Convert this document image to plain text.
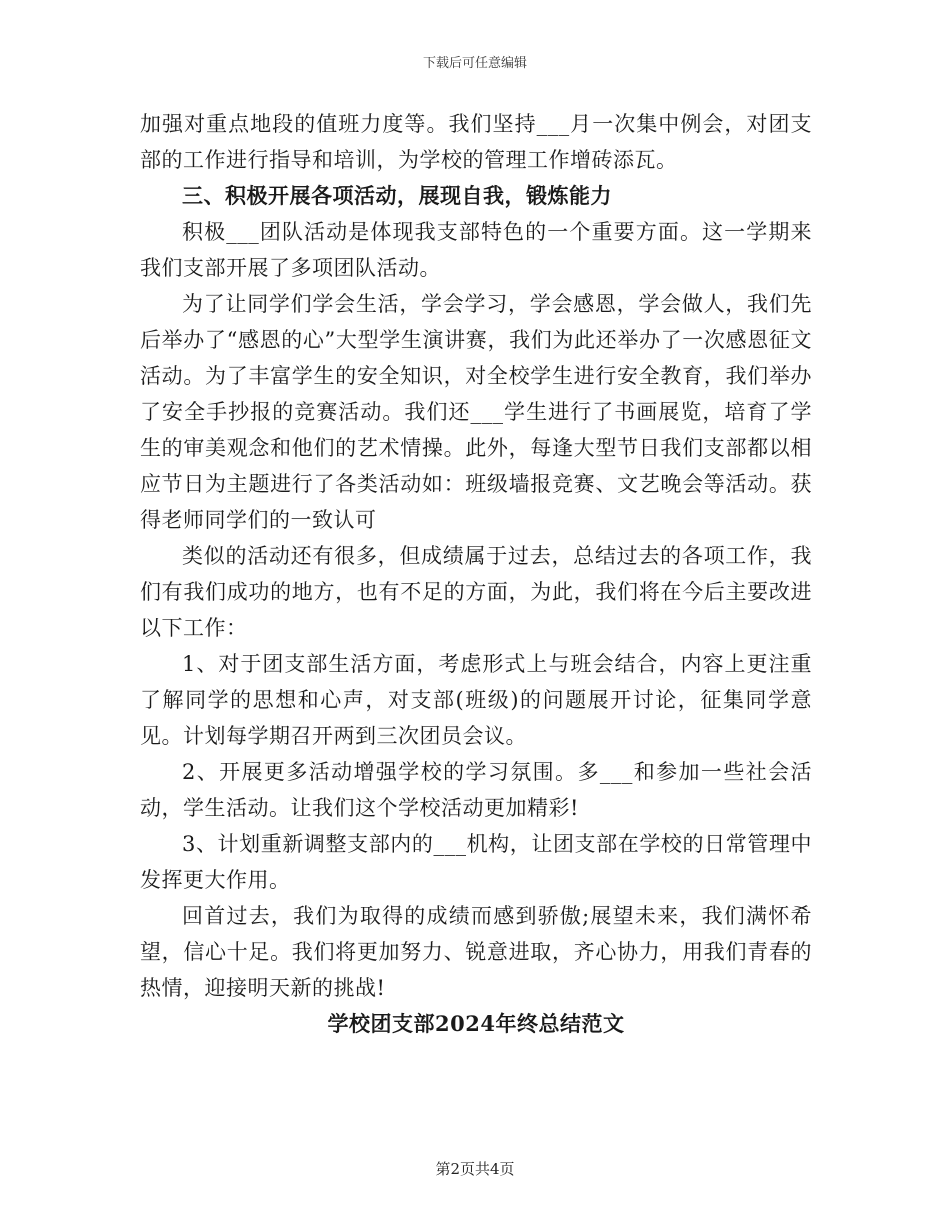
下载后可任意编辑

加强对重点地段的值班力度等。我们坚持___月一次集中例会，对团支部的工作进行指导和培训，为学校的管理工作增砖添瓦。

三、积极开展各项活动，展现自我，锻炼能力

积极___团队活动是体现我支部特色的一个重要方面。这一学期来我们支部开展了多项团队活动。

为了让同学们学会生活，学会学习，学会感恩，学会做人，我们先后举办了“感恩的心”大型学生演讲赛，我们为此还举办了一次感恩征文活动。为了丰富学生的安全知识，对全校学生进行安全教育，我们举办了安全手抄报的竞赛活动。我们还___学生进行了书画展览，培育了学生的审美观念和他们的艺术情操。此外，每逢大型节日我们支部都以相应节日为主题进行了各类活动如：班级墙报竞赛、文艺晚会等活动。获得老师同学们的一致认可

类似的活动还有很多，但成绩属于过去，总结过去的各项工作，我们有我们成功的地方，也有不足的方面，为此，我们将在今后主要改进以下工作：

1、对于团支部生活方面，考虑形式上与班会结合，内容上更注重了解同学的思想和心声，对支部(班级)的问题展开讨论，征集同学意见。计划每学期召开两到三次团员会议。

2、开展更多活动增强学校的学习氛围。多___和参加一些社会活动，学生活动。让我们这个学校活动更加精彩!

3、计划重新调整支部内的___机构，让团支部在学校的日常管理中发挥更大作用。

回首过去，我们为取得的成绩而感到骄傲;展望未来，我们满怀希望，信心十足。我们将更加努力、锐意进取，齐心协力，用我们青春的热情，迎接明天新的挑战!

学校团支部2024年终总结范文

第2页共4页
